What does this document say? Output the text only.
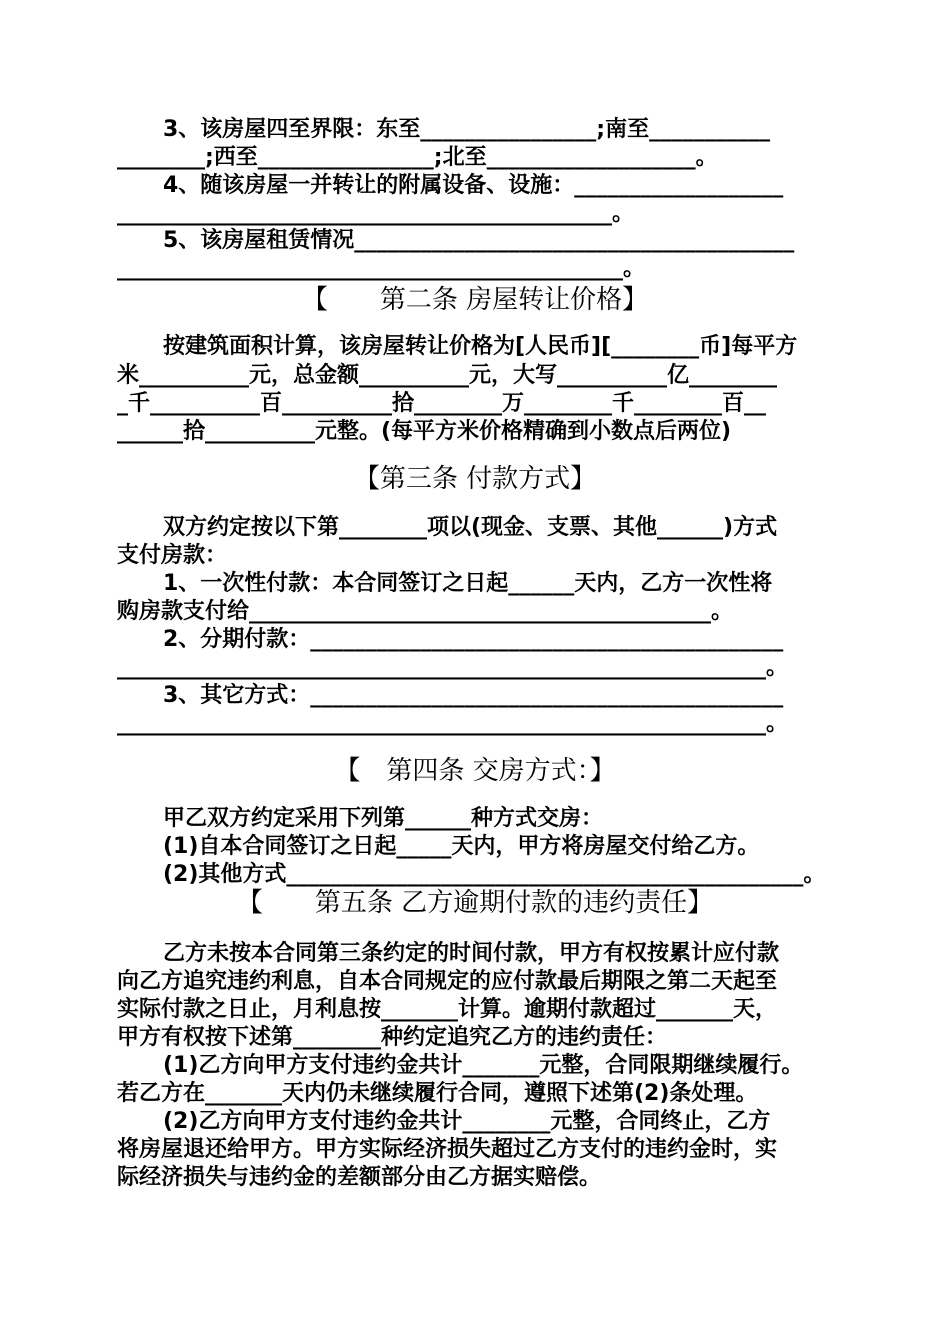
3、该房屋四至界限：东至________________;南至___________
________;西至________________;北至___________________。
4、随该房屋一并转让的附属设备、设施：___________________
_____________________________________________。
5、该房屋租赁情况________________________________________
______________________________________________。
【　　第二条 房屋转让价格】
按建筑面积计算，该房屋转让价格为[人民币][________币]每平方
米__________元，总金额__________元，大写__________亿________
_千__________百__________拾________万________千________百__
______拾__________元整。(每平方米价格精确到小数点后两位)
【第三条 付款方式】
双方约定按以下第________项以(现金、支票、其他______)方式
支付房款：
1、一次性付款：本合同签订之日起______天内，乙方一次性将
购房款支付给__________________________________________。
2、分期付款：___________________________________________
___________________________________________________________。
3、其它方式：___________________________________________
___________________________________________________________。
【　第四条 交房方式：】
甲乙双方约定采用下列第______种方式交房：
(1)自本合同签订之日起_____天内，甲方将房屋交付给乙方。
(2)其他方式_______________________________________________。
【　　第五条 乙方逾期付款的违约责任】
乙方未按本合同第三条约定的时间付款，甲方有权按累计应付款
向乙方追究违约利息，自本合同规定的应付款最后期限之第二天起至
实际付款之日止，月利息按_______计算。逾期付款超过_______天，
甲方有权按下述第________种约定追究乙方的违约责任：
(1)乙方向甲方支付违约金共计_______元整，合同限期继续履行。
若乙方在_______天内仍未继续履行合同，遵照下述第(2)条处理。
(2)乙方向甲方支付违约金共计________元整，合同终止，乙方
将房屋退还给甲方。甲方实际经济损失超过乙方支付的违约金时，实
际经济损失与违约金的差额部分由乙方据实赔偿。
